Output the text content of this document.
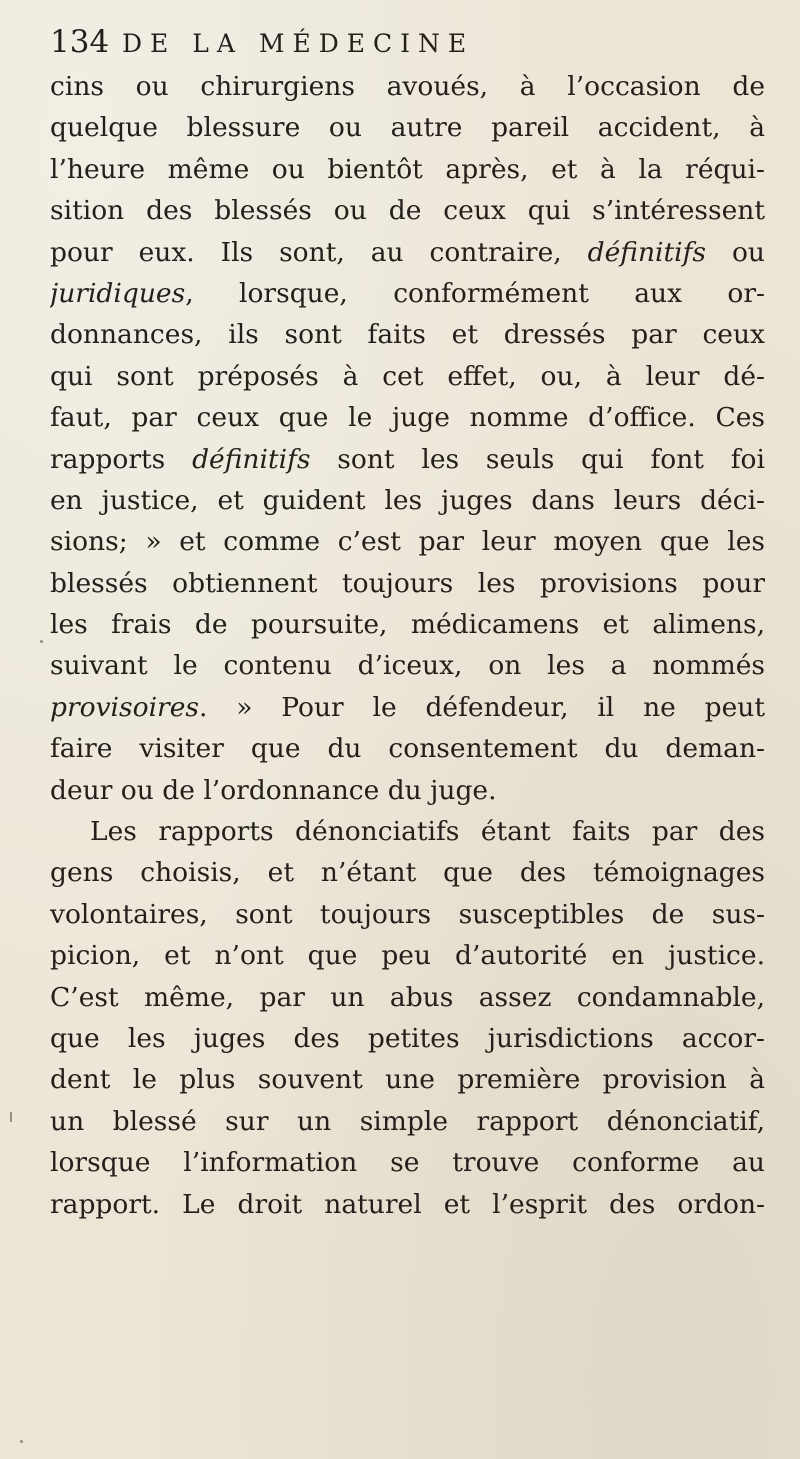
134 DE LA MÉDECINE
cins ou chirurgiens avoués, à l’occasion de
quelque blessure ou autre pareil accident, à
l’heure même ou bientôt après, et à la réqui-
sition des blessés ou de ceux qui s’intéressent
pour eux. Ils sont, au contraire, définitifs ou
juridiques, lorsque, conformément aux or-
donnances, ils sont faits et dressés par ceux
qui sont préposés à cet effet, ou, à leur dé-
faut, par ceux que le juge nomme d’office. Ces
rapports définitifs sont les seuls qui font foi
en justice, et guident les juges dans leurs déci-
sions; » et comme c’est par leur moyen que les
blessés obtiennent toujours les provisions pour
les frais de poursuite, médicamens et alimens,
suivant le contenu d’iceux, on les a nommés
provisoires. » Pour le défendeur, il ne peut
faire visiter que du consentement du deman-
deur ou de l’ordonnance du juge.
Les rapports dénonciatifs étant faits par des
gens choisis, et n’étant que des témoignages
volontaires, sont toujours susceptibles de sus-
picion, et n’ont que peu d’autorité en justice.
C’est même, par un abus assez condamnable,
que les juges des petites jurisdictions accor-
dent le plus souvent une première provision à
un blessé sur un simple rapport dénonciatif,
lorsque l’information se trouve conforme au
rapport. Le droit naturel et l’esprit des ordon-
